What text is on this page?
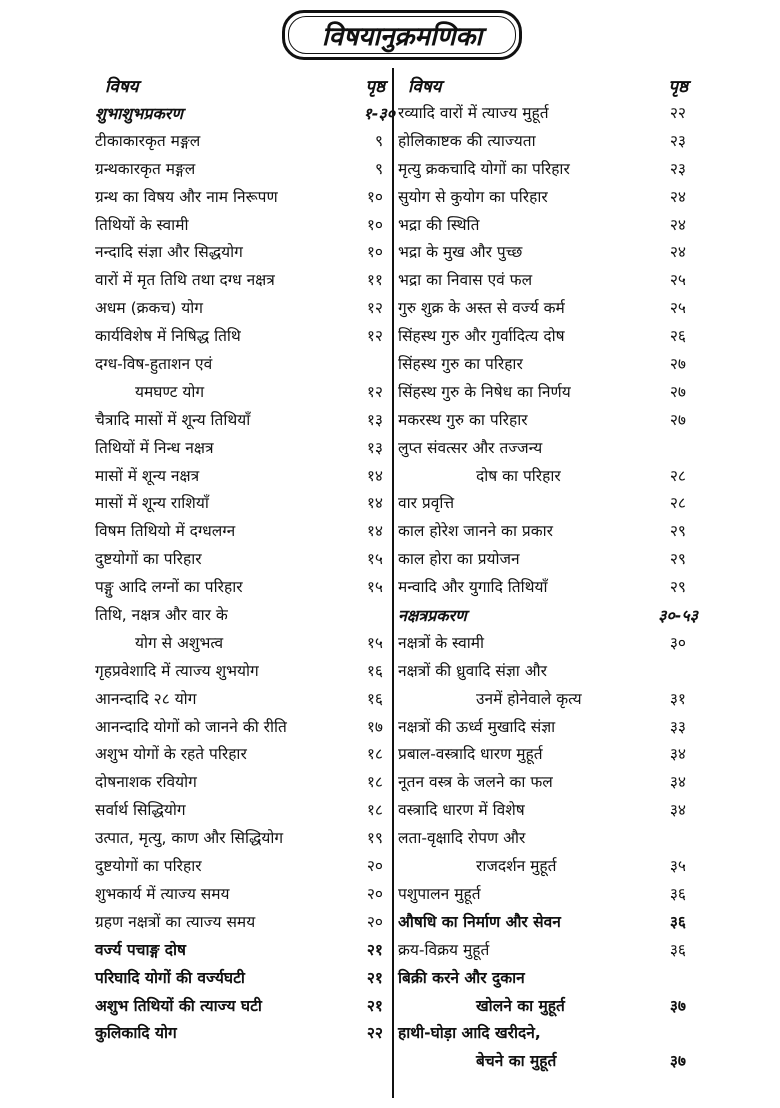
विषयानुक्रमणिका
विषय	पृष्ठ
शुभाशुभप्रकरण	१-३०
टीकाकारकृत मङ्गल	९
ग्रन्थकारकृत मङ्गल	९
ग्रन्थ का विषय और नाम निरूपण	१०
तिथियों के स्वामी	१०
नन्दादि संज्ञा और सिद्धयोग	१०
वारों में मृत तिथि तथा दग्ध नक्षत्र	११
अधम (क्रकच) योग	१२
कार्यविशेष में निषिद्ध तिथि	१२
दग्ध-विष-हुताशन एवं
यमघण्ट योग	१२
चैत्रादि मासों में शून्य तिथियाँ	१३
तिथियों में निन्ध नक्षत्र	१३
मासों में शून्य नक्षत्र	१४
मासों में शून्य राशियाँ	१४
विषम तिथियो में दग्धलग्न	१४
दुष्टयोगों का परिहार	१५
पङ्गु आदि लग्नों का परिहार	१५
तिथि, नक्षत्र और वार के
योग से अशुभत्व	१५
गृहप्रवेशादि में त्याज्य शुभयोग	१६
आनन्दादि २८ योग	१६
आनन्दादि योगों को जानने की रीति	१७
अशुभ योगों के रहते परिहार	१८
दोषनाशक रवियोग	१८
सर्वार्थ सिद्धियोग	१८
उत्पात, मृत्यु, काण और सिद्धियोग	१९
दुष्टयोगों का परिहार	२०
शुभकार्य में त्याज्य समय	२०
ग्रहण नक्षत्रों का त्याज्य समय	२०
वर्ज्य पचाङ्ग दोष	२१
परिघादि योगों की वर्ज्यघटी	२१
अशुभ तिथियों की त्याज्य घटी	२१
कुलिकादि योग	२२
विषय	पृष्ठ
रव्यादि वारों में त्याज्य मुहूर्त	२२
होलिकाष्टक की त्याज्यता	२३
मृत्यु क्रकचादि योगों का परिहार	२३
सुयोग से कुयोग का परिहार	२४
भद्रा की स्थिति	२४
भद्रा के मुख और पुच्छ	२४
भद्रा का निवास एवं फल	२५
गुरु शुक्र के अस्त से वर्ज्य कर्म	२५
सिंहस्थ गुरु और गुर्वादित्य दोष	२६
सिंहस्थ गुरु का परिहार	२७
सिंहस्थ गुरु के निषेध का निर्णय	२७
मकरस्थ गुरु का परिहार	२७
लुप्त संवत्सर और तज्जन्य
दोष का परिहार	२८
वार प्रवृत्ति	२८
काल होरेश जानने का प्रकार	२९
काल होरा का प्रयोजन	२९
मन्वादि और युगादि तिथियाँ	२९
नक्षत्रप्रकरण	३०-५३
नक्षत्रों के स्वामी	३०
नक्षत्रों की ध्रुवादि संज्ञा और
उनमें होनेवाले कृत्य	३१
नक्षत्रों की ऊर्ध्व मुखादि संज्ञा	३३
प्रबाल-वस्त्रादि धारण मुहूर्त	३४
नूतन वस्त्र के जलने का फल	३४
वस्त्रादि धारण में विशेष	३४
लता-वृक्षादि रोपण और
राजदर्शन मुहूर्त	३५
पशुपालन मुहूर्त	३६
औषधि का निर्माण और सेवन	३६
क्रय-विक्रय मुहूर्त	३६
बिक्री करने और दुकान
खोलने का मुहूर्त	३७
हाथी-घोड़ा आदि खरीदने,
बेचने का मुहूर्त	३७
